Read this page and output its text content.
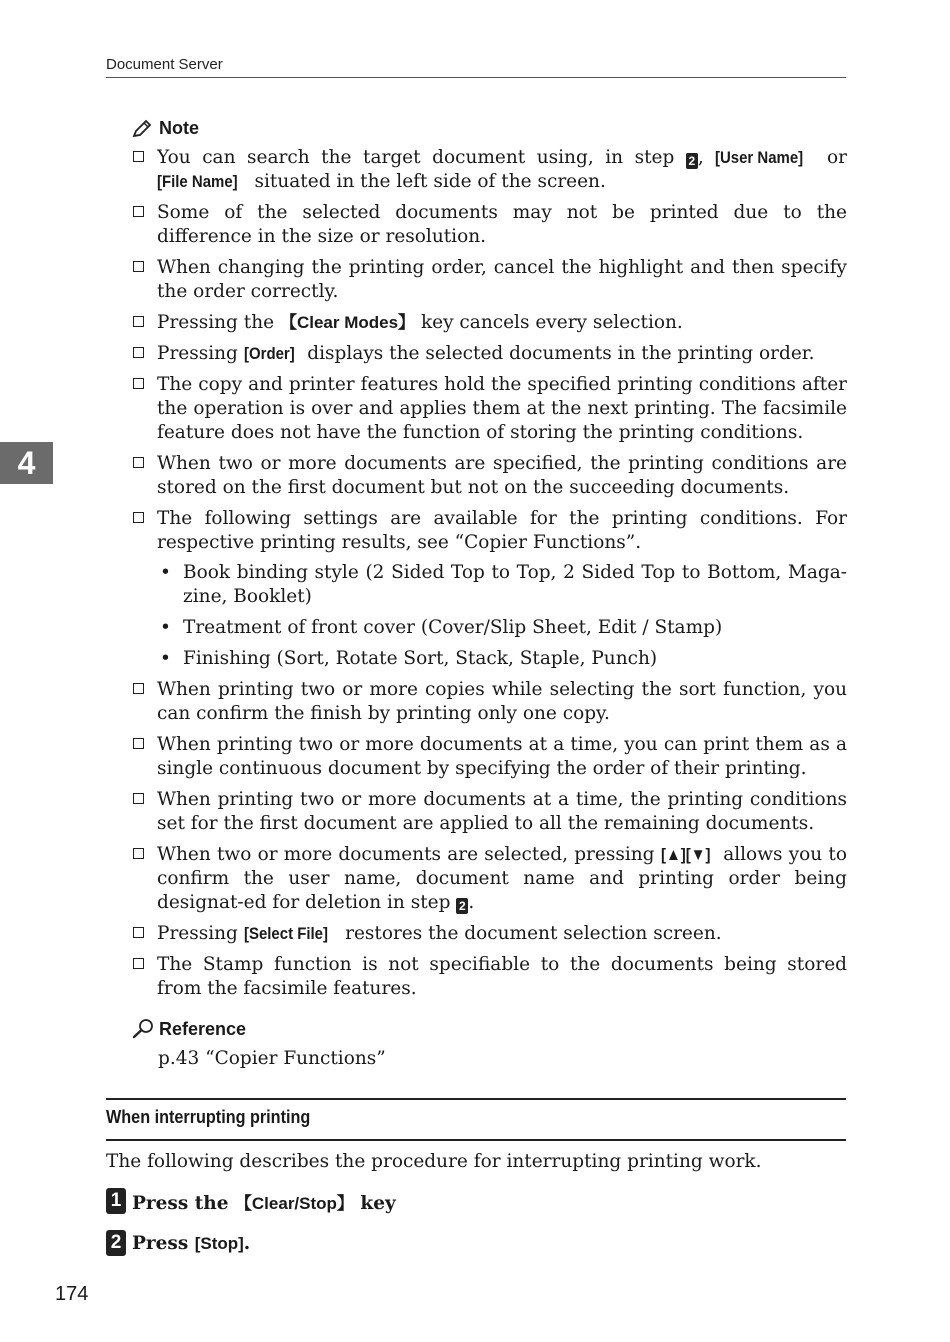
Document Server
4
Note
You can search the target document using, in step 2 , [User Name] or [File Name] situated in the left side of the screen.
Some of the selected documents may not be printed due to the difference in the size or resolution.
When changing the printing order, cancel the highlight and then specify the order correctly.
Pressing the 【Clear Modes】 key cancels every selection.
Pressing [Order] displays the selected documents in the printing order.
The copy and printer features hold the specified printing conditions after the operation is over and applies them at the next printing. The facsimile feature does not have the function of storing the printing conditions.
When two or more documents are specified, the printing conditions are stored on the first document but not on the succeeding documents.
The following settings are available for the printing conditions. For respective printing results, see “Copier Functions”.
• Book binding style (2 Sided Top to Top, 2 Sided Top to Bottom, Maga-zine, Booklet)
• Treatment of front cover (Cover/Slip Sheet, Edit / Stamp)
• Finishing (Sort, Rotate Sort, Stack, Staple, Punch)
When printing two or more copies while selecting the sort function, you can confirm the finish by printing only one copy.
When printing two or more documents at a time, you can print them as a single continuous document by specifying the order of their printing.
When printing two or more documents at a time, the printing conditions set for the first document are applied to all the remaining documents.
When two or more documents are selected, pressing [▲][▼] allows you to confirm the user name, document name and printing order being designat-ed for deletion in step 2 .
Pressing [Select File] restores the document selection screen.
The Stamp function is not specifiable to the documents being stored from the facsimile features.
Reference
p.43 “Copier Functions”
When interrupting printing
The following describes the procedure for interrupting printing work.
1 Press the 【Clear/Stop】 key
2 Press [Stop].
174
